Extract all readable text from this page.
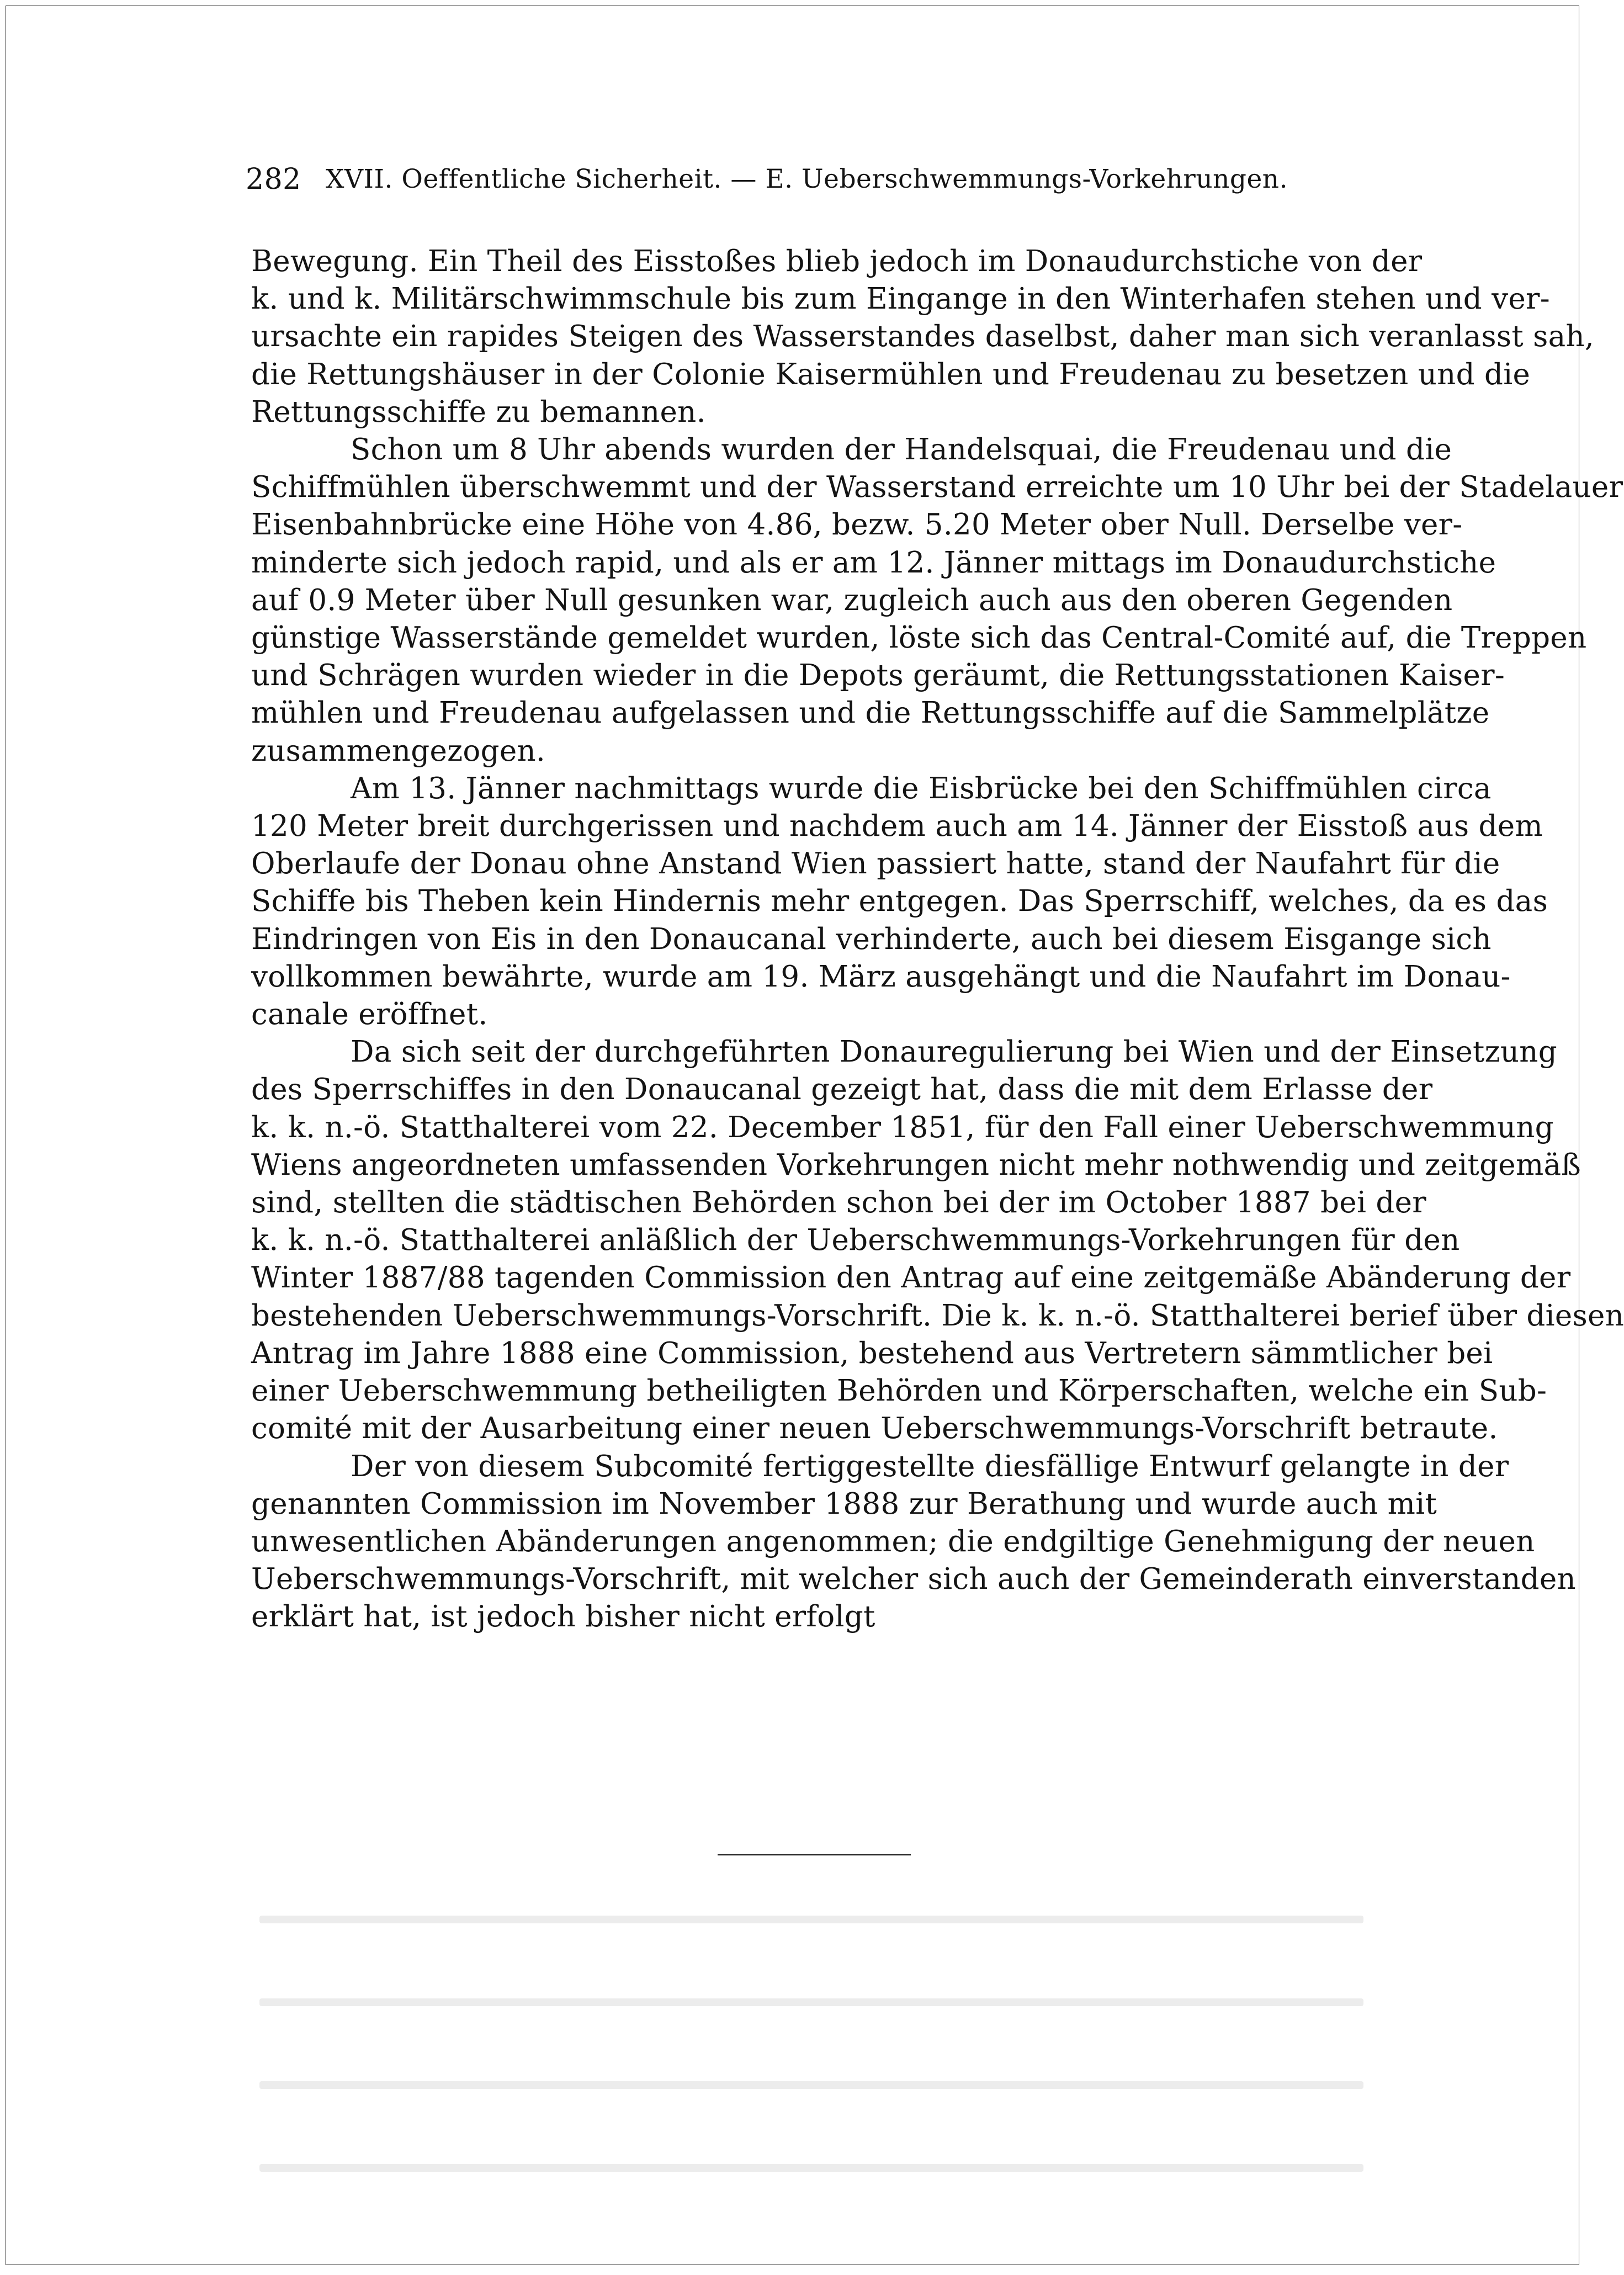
282 XVII. Oeffentliche Sicherheit. — E. Ueberschwemmungs-Vorkehrungen.
Bewegung. Ein Theil des Eisstoßes blieb jedoch im Donaudurchstiche von der
k. und k. Militärschwimmschule bis zum Eingange in den Winterhafen stehen und ver-
ursachte ein rapides Steigen des Wasserstandes daselbst, daher man sich veranlasst sah,
die Rettungshäuser in der Colonie Kaisermühlen und Freudenau zu besetzen und die
Rettungsschiffe zu bemannen.
Schon um 8 Uhr abends wurden der Handelsquai, die Freudenau und die
Schiffmühlen überschwemmt und der Wasserstand erreichte um 10 Uhr bei der Stadelauer
Eisenbahnbrücke eine Höhe von 4.86, bezw. 5.20 Meter ober Null. Derselbe ver-
minderte sich jedoch rapid, und als er am 12. Jänner mittags im Donaudurchstiche
auf 0.9 Meter über Null gesunken war, zugleich auch aus den oberen Gegenden
günstige Wasserstände gemeldet wurden, löste sich das Central-Comité auf, die Treppen
und Schrägen wurden wieder in die Depots geräumt, die Rettungsstationen Kaiser-
mühlen und Freudenau aufgelassen und die Rettungsschiffe auf die Sammelplätze
zusammengezogen.
Am 13. Jänner nachmittags wurde die Eisbrücke bei den Schiffmühlen circa
120 Meter breit durchgerissen und nachdem auch am 14. Jänner der Eisstoß aus dem
Oberlaufe der Donau ohne Anstand Wien passiert hatte, stand der Naufahrt für die
Schiffe bis Theben kein Hindernis mehr entgegen. Das Sperrschiff, welches, da es das
Eindringen von Eis in den Donaucanal verhinderte, auch bei diesem Eisgange sich
vollkommen bewährte, wurde am 19. März ausgehängt und die Naufahrt im Donau-
canale eröffnet.
Da sich seit der durchgeführten Donauregulierung bei Wien und der Einsetzung
des Sperrschiffes in den Donaucanal gezeigt hat, dass die mit dem Erlasse der
k. k. n.-ö. Statthalterei vom 22. December 1851, für den Fall einer Ueberschwemmung
Wiens angeordneten umfassenden Vorkehrungen nicht mehr nothwendig und zeitgemäß
sind, stellten die städtischen Behörden schon bei der im October 1887 bei der
k. k. n.-ö. Statthalterei anläßlich der Ueberschwemmungs-Vorkehrungen für den
Winter 1887/88 tagenden Commission den Antrag auf eine zeitgemäße Abänderung der
bestehenden Ueberschwemmungs-Vorschrift. Die k. k. n.-ö. Statthalterei berief über diesen
Antrag im Jahre 1888 eine Commission, bestehend aus Vertretern sämmtlicher bei
einer Ueberschwemmung betheiligten Behörden und Körperschaften, welche ein Sub-
comité mit der Ausarbeitung einer neuen Ueberschwemmungs-Vorschrift betraute.
Der von diesem Subcomité fertiggestellte diesfällige Entwurf gelangte in der
genannten Commission im November 1888 zur Berathung und wurde auch mit
unwesentlichen Abänderungen angenommen; die endgiltige Genehmigung der neuen
Ueberschwemmungs-Vorschrift, mit welcher sich auch der Gemeinderath einverstanden
erklärt hat, ist jedoch bisher nicht erfolgt
